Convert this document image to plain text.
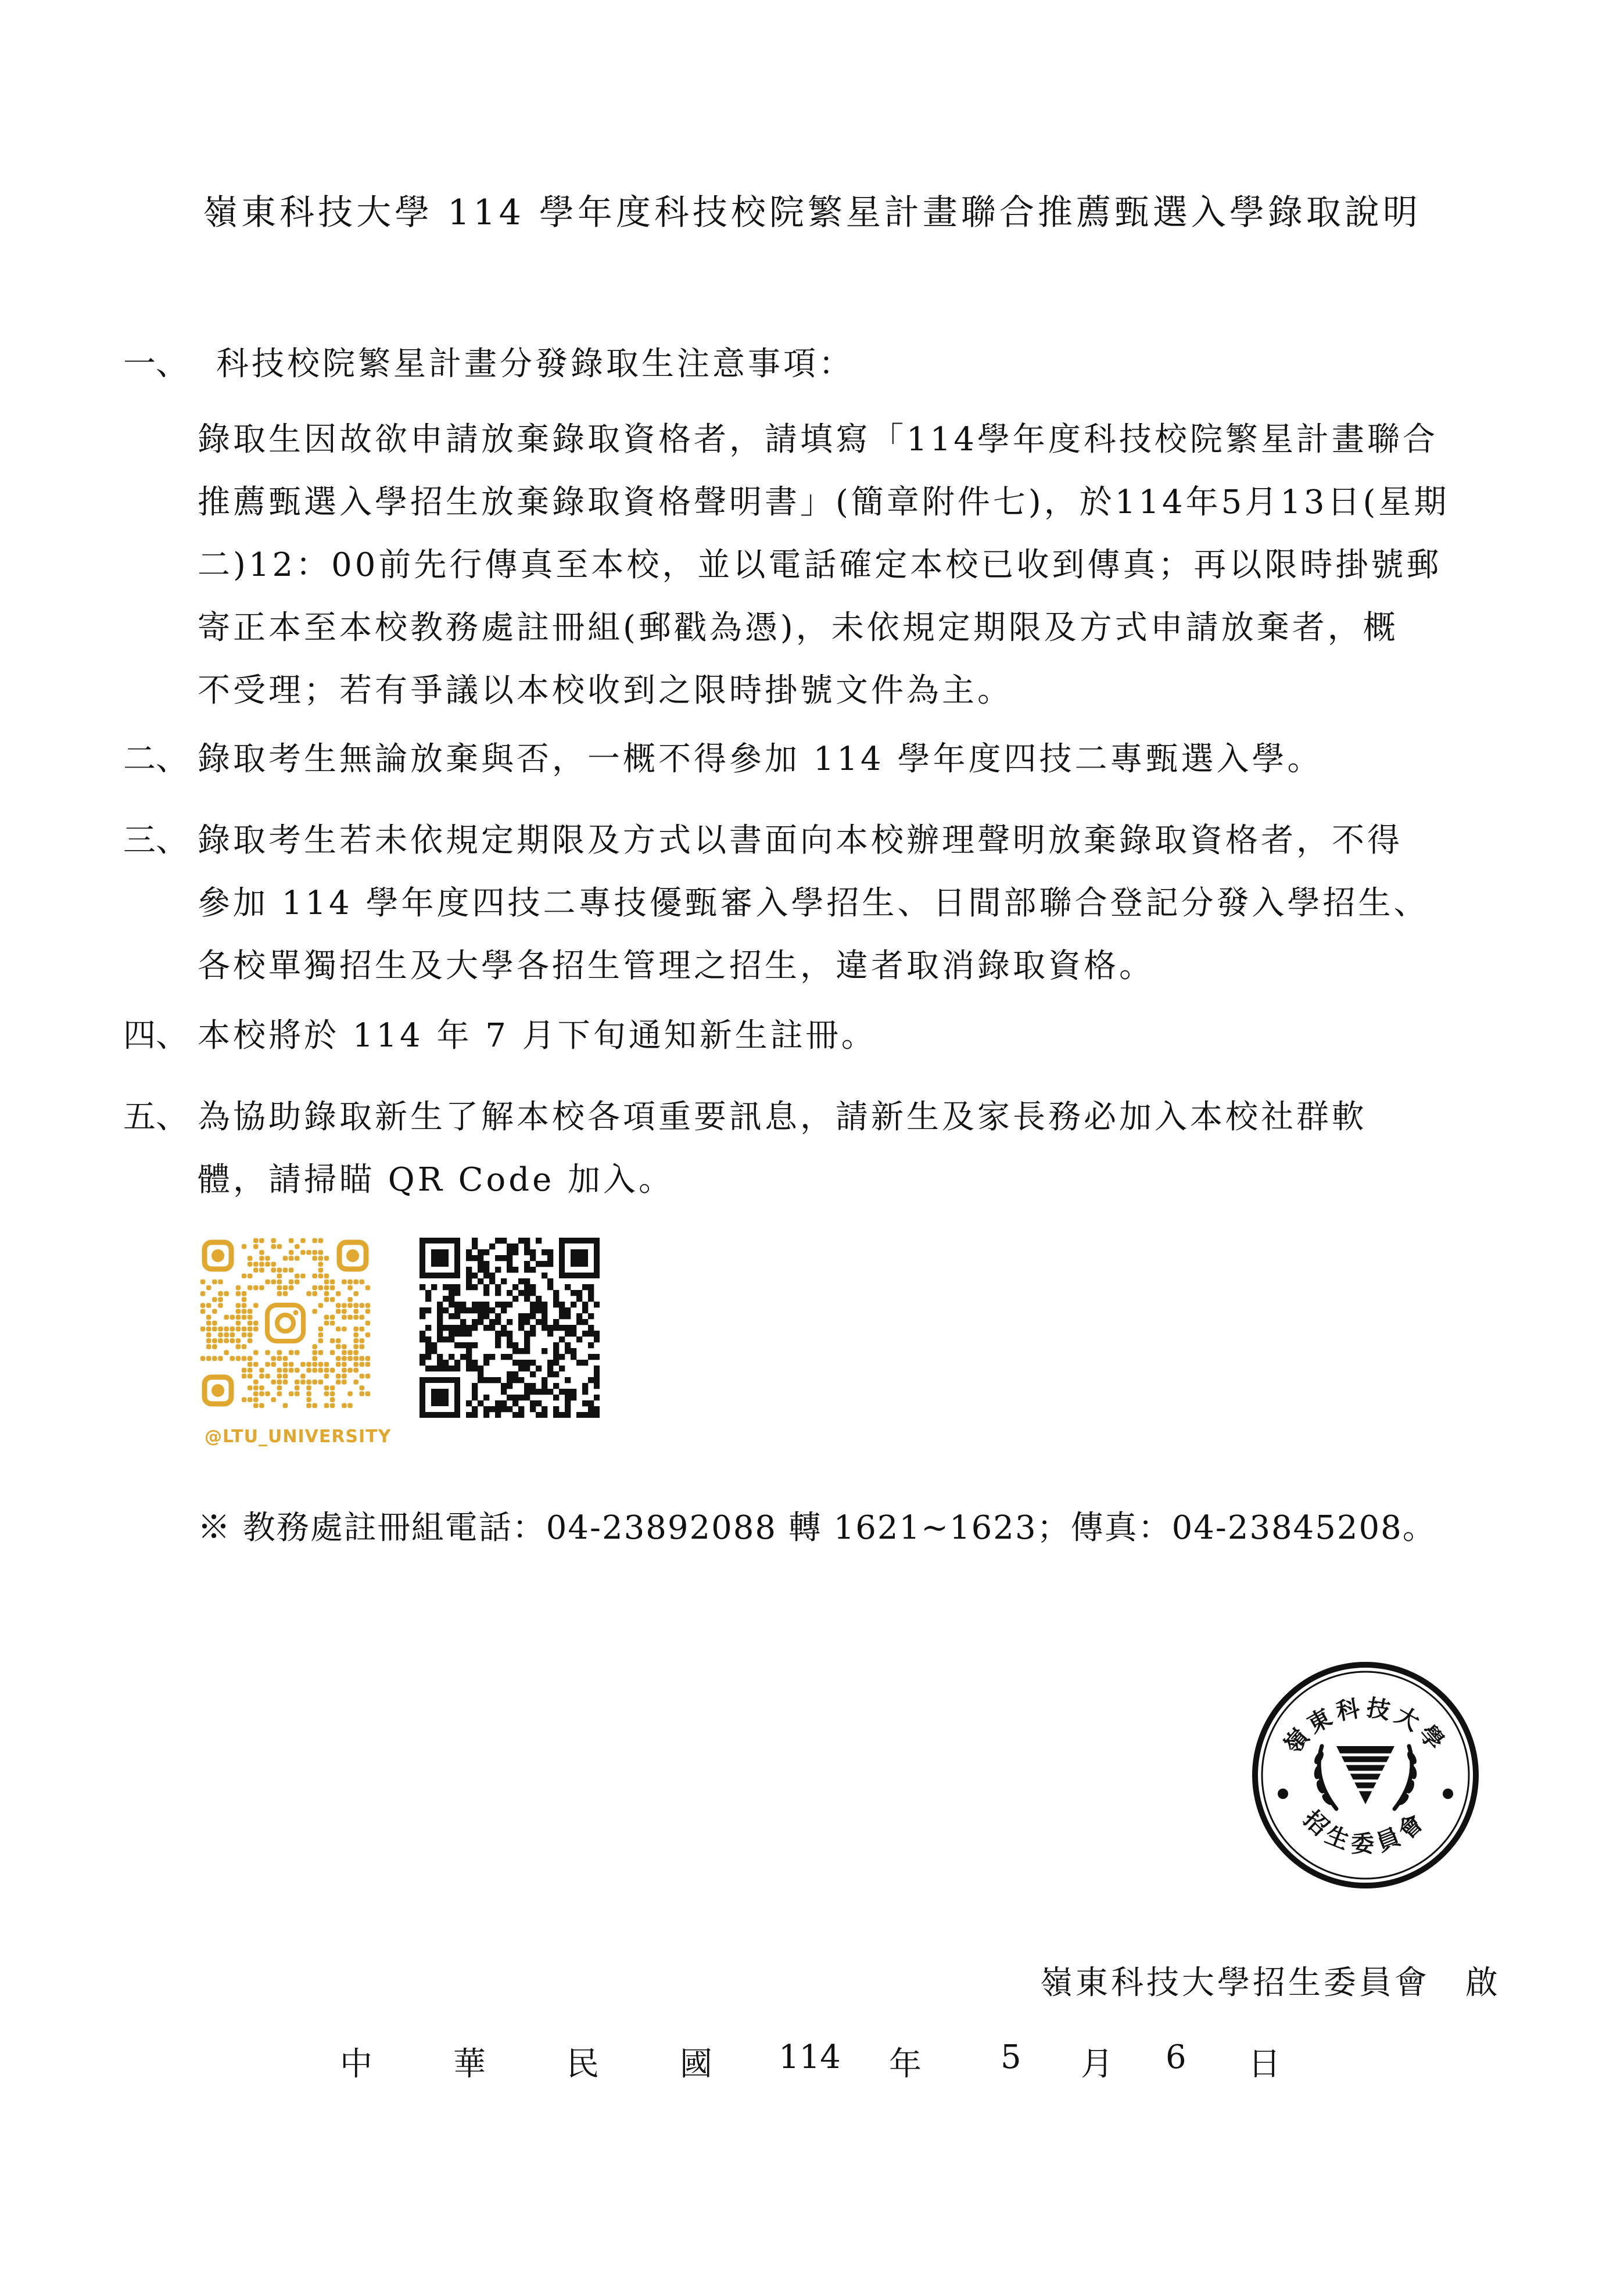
嶺東科技大學 114 學年度科技校院繁星計畫聯合推薦甄選入學錄取說明
一、 科技校院繁星計畫分發錄取生注意事項：
錄取生因故欲申請放棄錄取資格者，請填寫「114學年度科技校院繁星計畫聯合
推薦甄選入學招生放棄錄取資格聲明書」(簡章附件七)，於114年5月13日(星期
二)12：00前先行傳真至本校，並以電話確定本校已收到傳真；再以限時掛號郵
寄正本至本校教務處註冊組(郵戳為憑)，未依規定期限及方式申請放棄者，概
不受理；若有爭議以本校收到之限時掛號文件為主。
二、 錄取考生無論放棄與否，一概不得參加 114 學年度四技二專甄選入學。
三、 錄取考生若未依規定期限及方式以書面向本校辦理聲明放棄錄取資格者，不得
參加 114 學年度四技二專技優甄審入學招生、日間部聯合登記分發入學招生、
各校單獨招生及大學各招生管理之招生，違者取消錄取資格。
四、 本校將於 114 年 7 月下旬通知新生註冊。
五、 為協助錄取新生了解本校各項重要訊息，請新生及家長務必加入本校社群軟
體，請掃瞄 QR Code 加入。
@LTU_UNIVERSITY
※ 教務處註冊組電話：04-23892088 轉 1621~1623；傳真：04-23845208。
嶺東科技大學
招生委員會
嶺東科技大學招生委員會　啟
中 華 民 國 114 年 5 月 6 日
